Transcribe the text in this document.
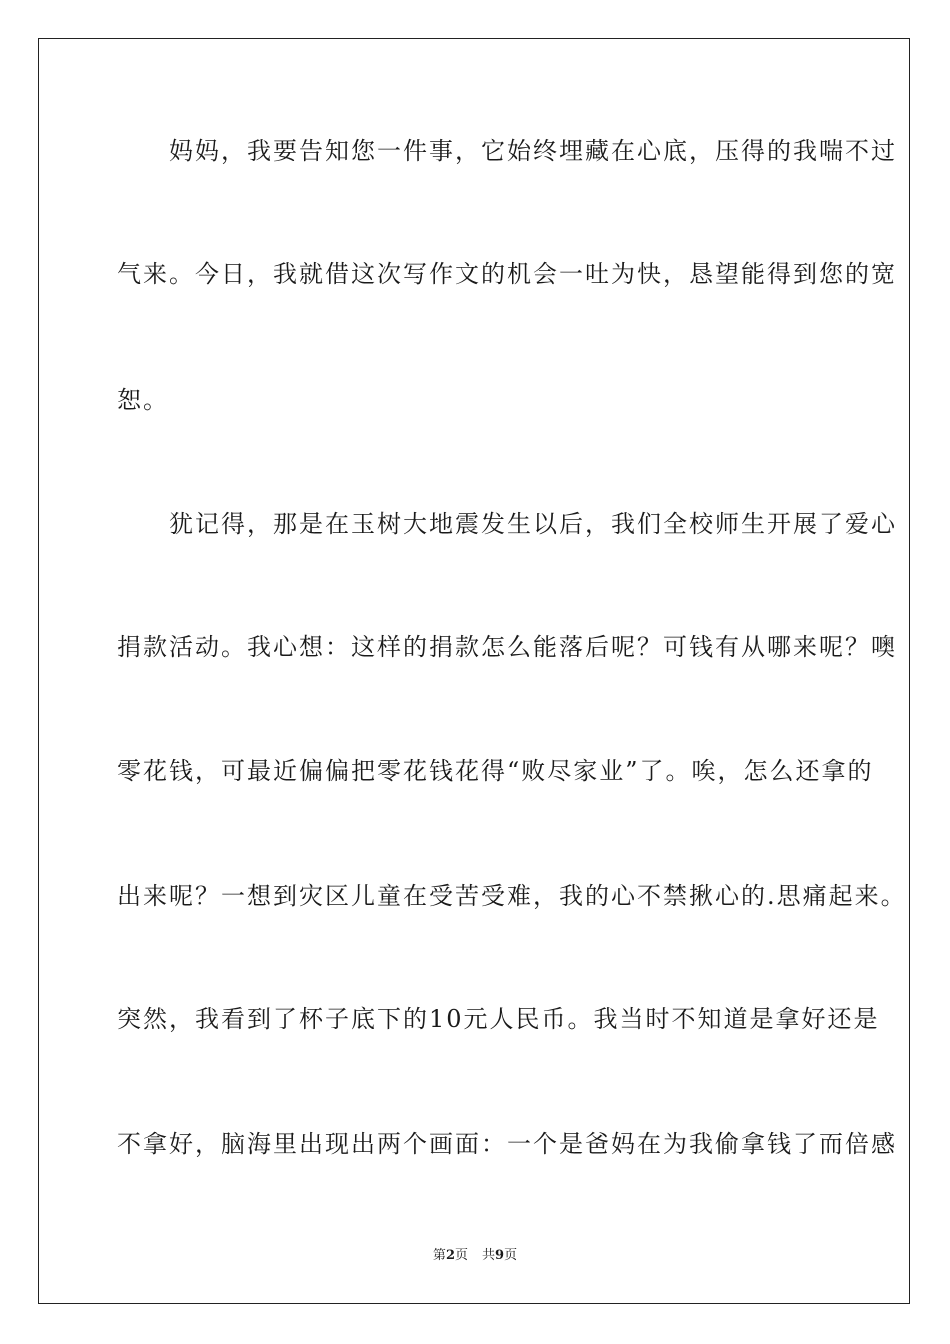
　　妈妈，我要告知您一件事，它始终埋藏在心底，压得的我喘不过
气来。今日，我就借这次写作文的机会一吐为快，恳望能得到您的宽
恕。
　　犹记得，那是在玉树大地震发生以后，我们全校师生开展了爱心
捐款活动。我心想：这样的捐款怎么能落后呢？可钱有从哪来呢？噢
零花钱，可最近偏偏把零花钱花得“败尽家业”了。唉，怎么还拿的
出来呢？一想到灾区儿童在受苦受难，我的心不禁揪心的.思痛起来。
突然，我看到了杯子底下的10元人民币。我当时不知道是拿好还是
不拿好，脑海里出现出两个画面：一个是爸妈在为我偷拿钱了而倍感
第2页 共9页
